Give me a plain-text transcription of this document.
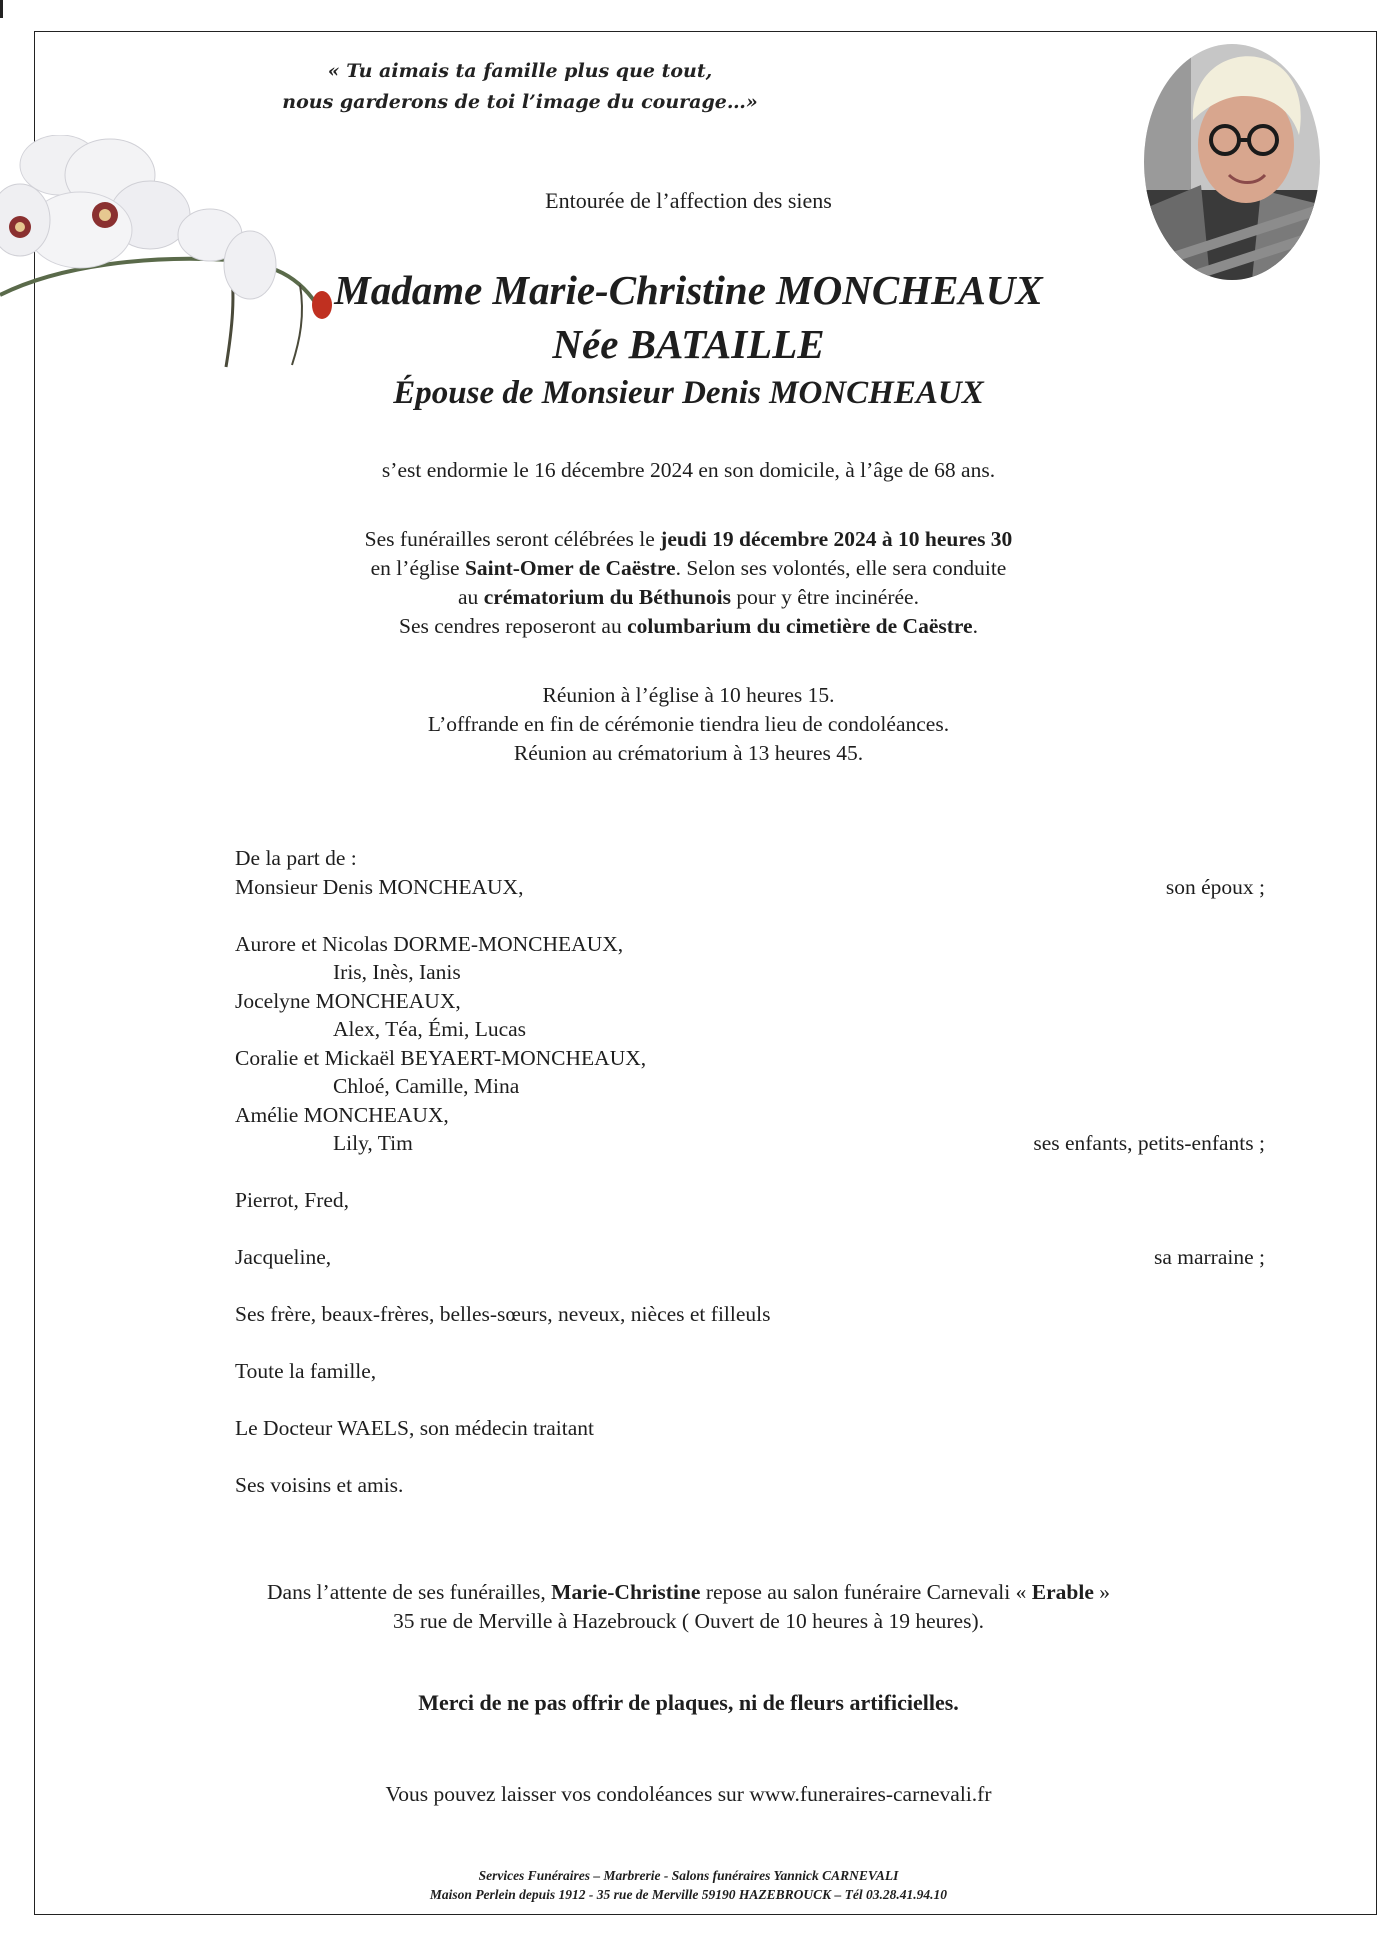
« Tu aimais ta famille plus que tout,
nous garderons de toi l’image du courage…»
Entourée de l’affection des siens
Madame Marie-Christine MONCHEAUX
Née BATAILLE
Épouse de Monsieur Denis MONCHEAUX
s’est endormie le 16 décembre 2024 en son domicile, à l’âge de 68 ans.
Ses funérailles seront célébrées le jeudi 19 décembre 2024 à 10 heures 30
en l’église Saint-Omer de Caëstre. Selon ses volontés, elle sera conduite
au crématorium du Béthunois pour y être incinérée.
Ses cendres reposeront au columbarium du cimetière de Caëstre.
Réunion à l’église à 10 heures 15.
L’offrande en fin de cérémonie tiendra lieu de condoléances.
Réunion au crématorium à 13 heures 45.
De la part de :
Monsieur Denis MONCHEAUX,	son époux ;
Aurore et Nicolas DORME-MONCHEAUX,
Iris, Inès, Ianis
Jocelyne MONCHEAUX,
Alex, Téa, Émi, Lucas
Coralie et Mickaël BEYAERT-MONCHEAUX,
Chloé, Camille, Mina
Amélie MONCHEAUX,
Lily, Tim	ses enfants, petits-enfants ;
Pierrot, Fred,
Jacqueline,	sa marraine ;
Ses frère, beaux-frères, belles-sœurs, neveux, nièces et filleuls
Toute la famille,
Le Docteur WAELS, son médecin traitant
Ses voisins et amis.
Dans l’attente de ses funérailles, Marie-Christine repose au salon funéraire Carnevali « Erable »
35 rue de Merville à Hazebrouck ( Ouvert de 10 heures à 19 heures).
Merci de ne pas offrir de plaques, ni de fleurs artificielles.
Vous pouvez laisser vos condoléances sur www.funeraires-carnevali.fr
Services Funéraires – Marbrerie - Salons funéraires Yannick CARNEVALI
Maison Perlein depuis 1912 - 35 rue de Merville 59190 HAZEBROUCK – Tél 03.28.41.94.10
